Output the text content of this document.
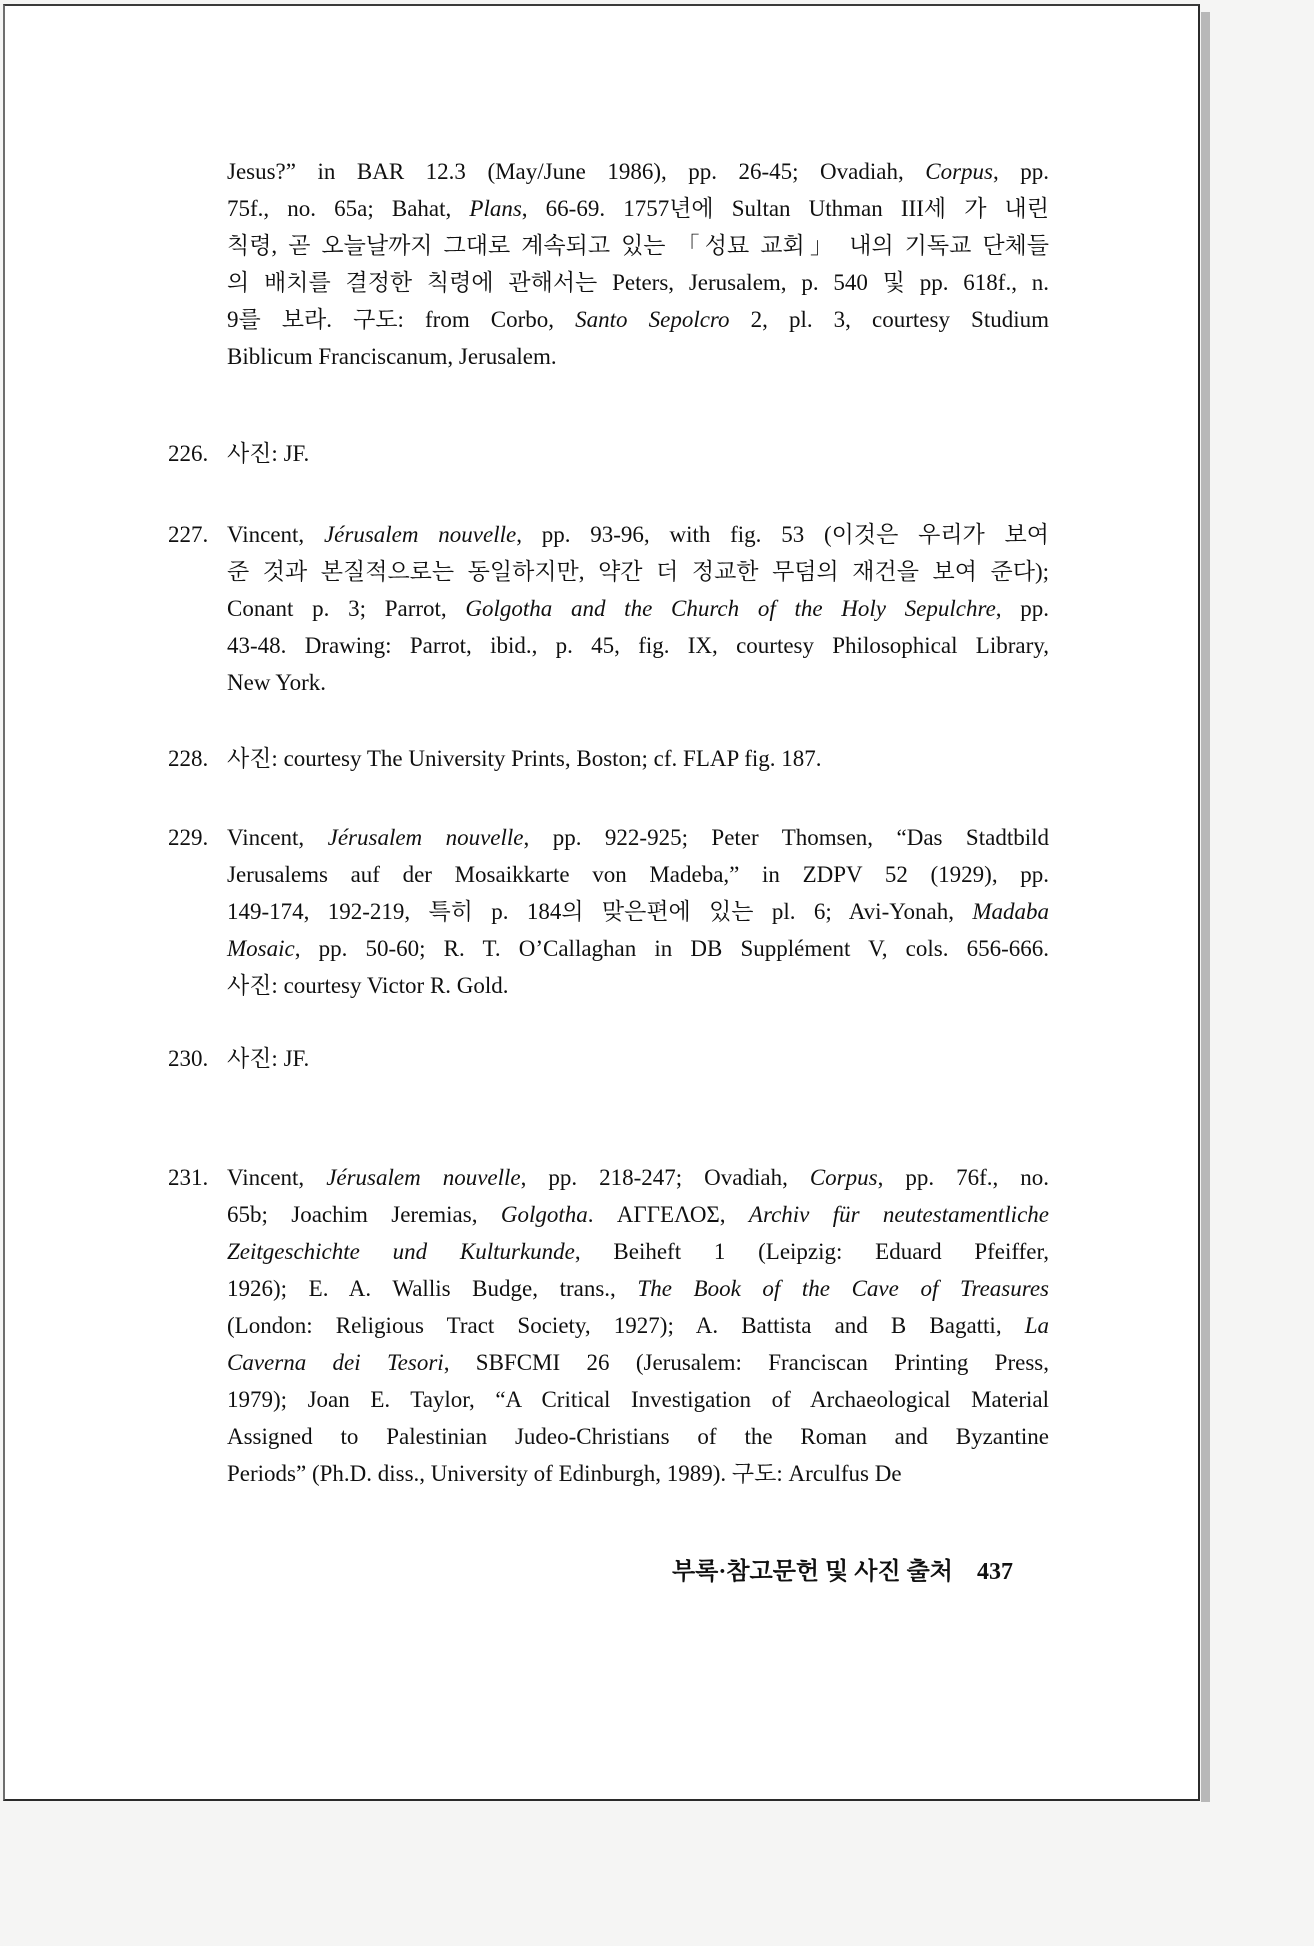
Jesus?” in BAR 12.3 (May/June 1986), pp. 26-45; Ovadiah, Corpus, pp.
75f., no. 65a; Bahat, Plans, 66-69. 1757년에 Sultan Uthman III세 가 내린
칙령, 곧 오늘날까지 그대로 계속되고 있는 「성묘 교회」 내의 기독교 단체들
의 배치를 결정한 칙령에 관해서는 Peters, Jerusalem, p. 540 및 pp. 618f., n.
9를 보라. 구도: from Corbo, Santo Sepolcro 2, pl. 3, courtesy Studium
Biblicum Franciscanum, Jerusalem.
226. 사진: JF.
227. Vincent, Jérusalem nouvelle, pp. 93-96, with fig. 53 (이것은 우리가 보여
준 것과 본질적으로는 동일하지만, 약간 더 정교한 무덤의 재건을 보여 준다);
Conant p. 3; Parrot, Golgotha and the Church of the Holy Sepulchre, pp.
43-48. Drawing: Parrot, ibid., p. 45, fig. IX, courtesy Philosophical Library,
New York.
228. 사진: courtesy The University Prints, Boston; cf. FLAP fig. 187.
229. Vincent, Jérusalem nouvelle, pp. 922-925; Peter Thomsen, “Das Stadtbild
Jerusalems auf der Mosaikkarte von Madeba,” in ZDPV 52 (1929), pp.
149-174, 192-219, 특히 p. 184의 맞은편에 있는 pl. 6; Avi-Yonah, Madaba
Mosaic, pp. 50-60; R. T. O’Callaghan in DB Supplément V, cols. 656-666.
사진: courtesy Victor R. Gold.
230. 사진: JF.
231. Vincent, Jérusalem nouvelle, pp. 218-247; Ovadiah, Corpus, pp. 76f., no.
65b; Joachim Jeremias, Golgotha. ΑΓΓΕΛΟΣ, Archiv für neutestamentliche
Zeitgeschichte und Kulturkunde, Beiheft 1 (Leipzig: Eduard Pfeiffer,
1926); E. A. Wallis Budge, trans., The Book of the Cave of Treasures
(London: Religious Tract Society, 1927); A. Battista and B Bagatti, La
Caverna dei Tesori, SBFCMI 26 (Jerusalem: Franciscan Printing Press,
1979); Joan E. Taylor, “A Critical Investigation of Archaeological Material
Assigned to Palestinian Judeo-Christians of the Roman and Byzantine
Periods” (Ph.D. diss., University of Edinburgh, 1989). 구도: Arculfus De
부록·참고문헌 및 사진 출처 437
